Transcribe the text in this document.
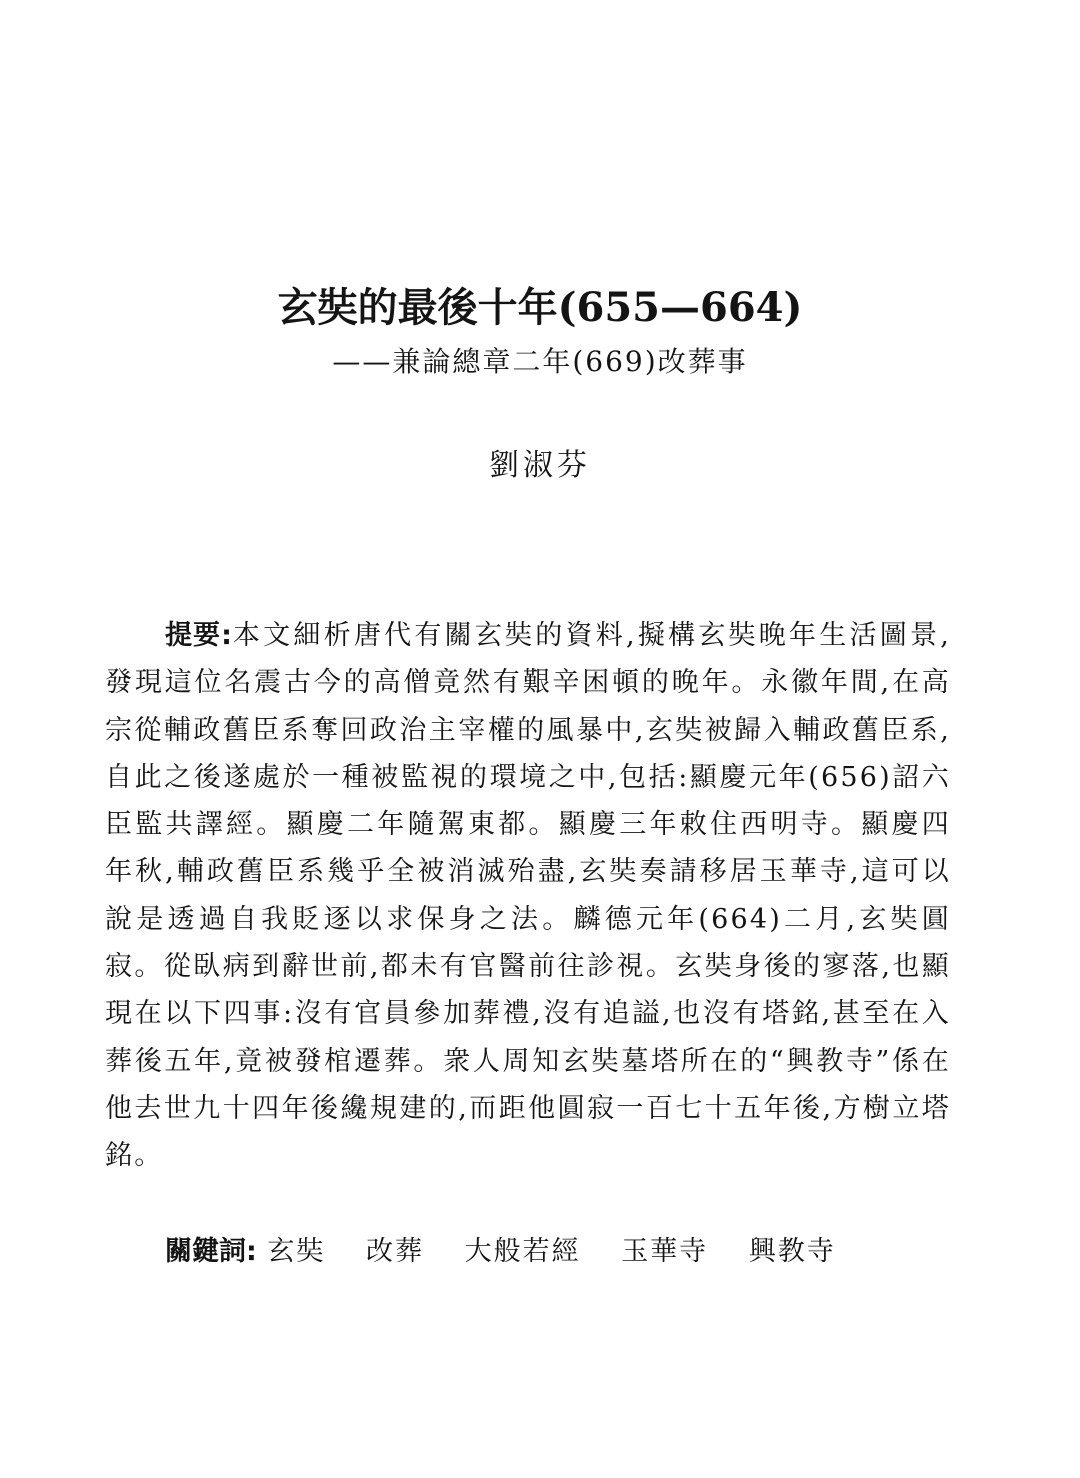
玄奘的最後十年(655—664)
——兼論總章二年(669)改葬事
劉淑芬

提要:本文細析唐代有關玄奘的資料,擬構玄奘晚年生活圖景,發現這位名震古今的高僧竟然有艱辛困頓的晚年。永徽年間,在高宗從輔政舊臣系奪回政治主宰權的風暴中,玄奘被歸入輔政舊臣系,自此之後遂處於一種被監視的環境之中,包括:顯慶元年(656)詔六臣監共譯經。顯慶二年隨駕東都。顯慶三年敕住西明寺。顯慶四年秋,輔政舊臣系幾乎全被消滅殆盡,玄奘奏請移居玉華寺,這可以說是透過自我貶逐以求保身之法。麟德元年(664)二月,玄奘圓寂。從臥病到辭世前,都未有官醫前往診視。玄奘身後的寥落,也顯現在以下四事:沒有官員參加葬禮,沒有追謚,也沒有塔銘,甚至在入葬後五年,竟被發棺遷葬。衆人周知玄奘墓塔所在的“興教寺”係在他去世九十四年後纔規建的,而距他圓寂一百七十五年後,方樹立塔銘。

關鍵詞: 玄奘 改葬 大般若經 玉華寺 興教寺
